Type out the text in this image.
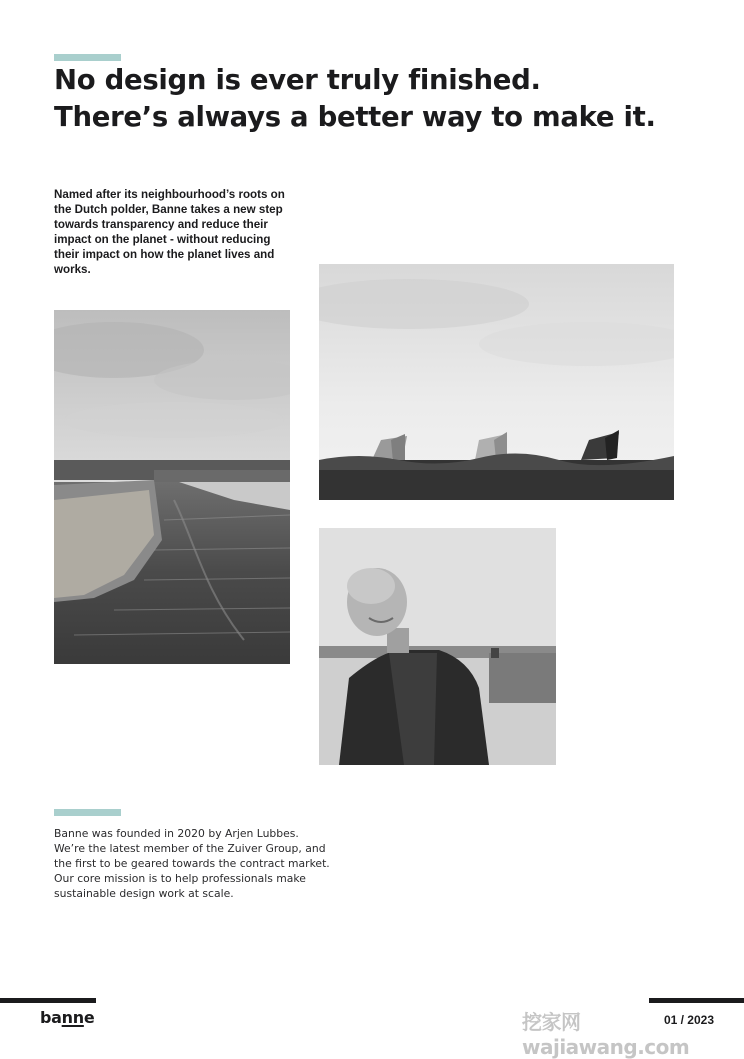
No design is ever truly finished.
There’s always a better way to make it.

Named after its neighbourhood’s roots on the Dutch polder, Banne takes a new step towards transparency and reduce their impact on the planet - without reducing their impact on how the planet lives and works.

Banne was founded in 2020 by Arjen Lubbes.
We’re the latest member of the Zuiver Group, and
the first to be geared towards the contract market.
Our core mission is to help professionals make
sustainable design work at scale.

banne	挖家网 wajiawang.com
01 / 2023
